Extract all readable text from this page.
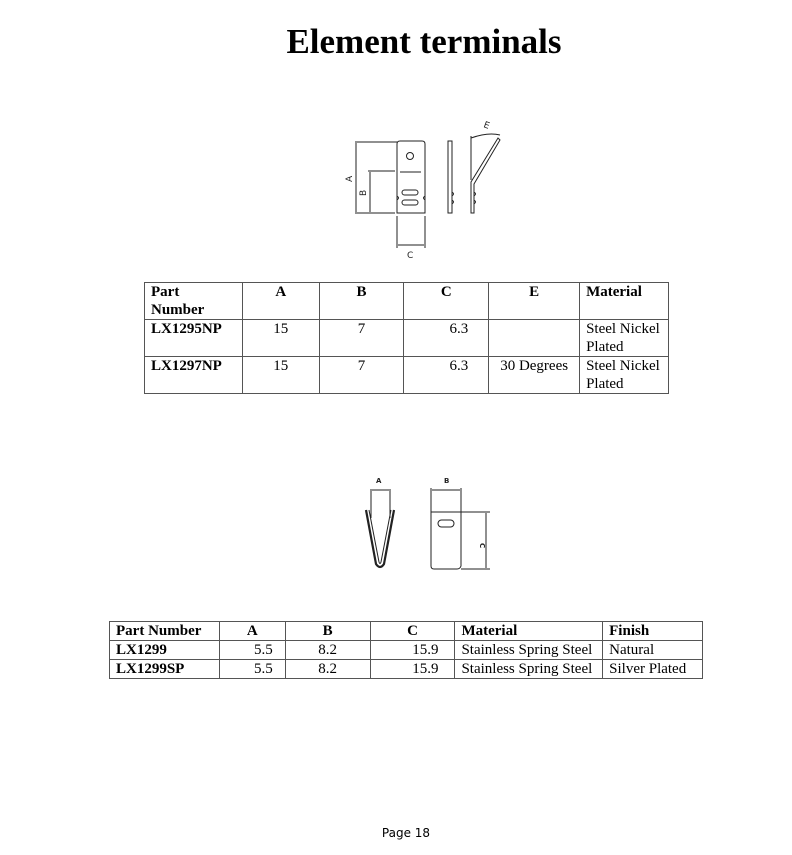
Element terminals
A
B
C
E
Part Number	A	B	C	E	Material
LX1295NP	15	7	6.3		Steel Nickel Plated
LX1297NP	15	7	6.3	30 Degrees	Steel Nickel Plated
A	B
C
Part Number	A	B	C	Material	Finish
LX1299	5.5	8.2	15.9	Stainless Spring Steel	Natural
LX1299SP	5.5	8.2	15.9	Stainless Spring Steel	Silver Plated
Page 18
